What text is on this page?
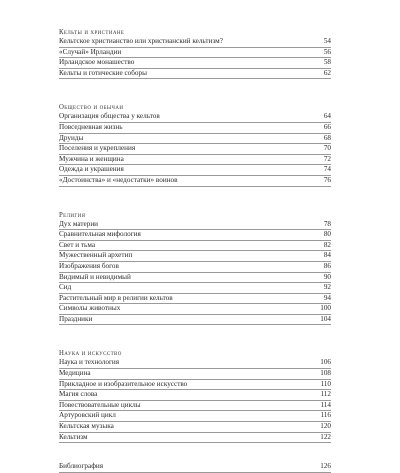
Кельты и христиане
Кельтское христианство или христианский кельтизм?	54
«Случай» Ирландии	56
Ирландское монашество	58
Кельты и готические соборы	62
Общество и обычаи
Организация общества у кельтов	64
Повседневная жизнь	66
Друиды	68
Поселения и укрепления	70
Мужчина и женщина	72
Одежда и украшения	74
«Достоинства» и «недостатки» воинов	76
Религия
Дух материи	78
Сравнительная мифология	80
Свет и тьма	82
Мужественный архетип	84
Изображения богов	86
Видимый и невидимый	90
Сид	92
Растительный мир в религии кельтов	94
Символы животных	100
Праздники	104
Наука и искусство
Наука и технология	106
Медицина	108
Прикладное и изобразительное искусство	110
Магия слова	112
Повествовательные циклы	114
Артуровский цикл	116
Кельтская музыка	120
Кельтизм	122
Библиография	126
